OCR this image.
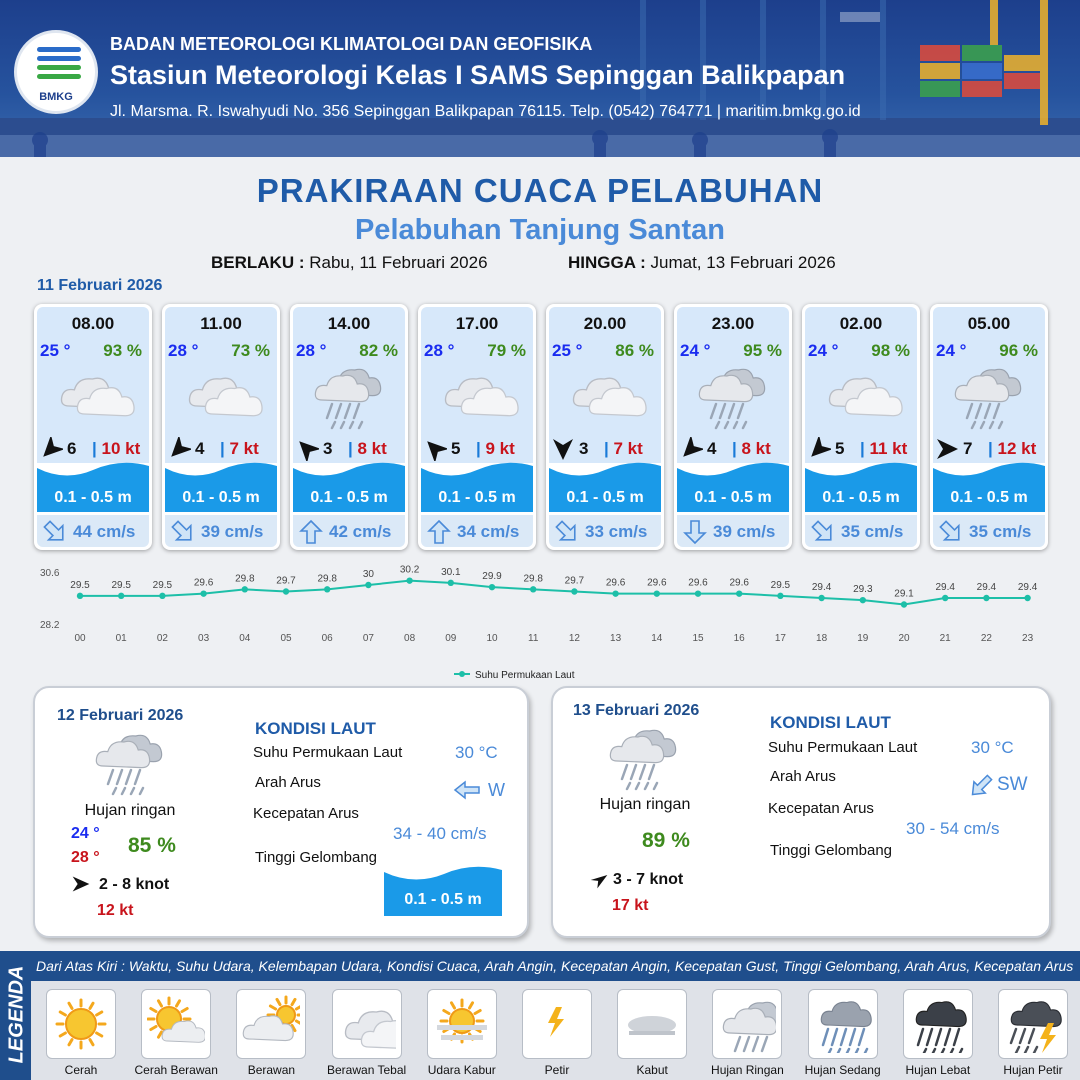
BMKG
BADAN METEOROLOGI KLIMATOLOGI DAN GEOFISIKA
Stasiun Meteorologi Kelas I SAMS Sepinggan Balikpapan
Jl. Marsma. R. Iswahyudi No. 356 Sepinggan Balikpapan 76115. Telp. (0542) 764771 | maritim.bmkg.go.id
PRAKIRAAN CUACA PELABUHAN
Pelabuhan Tanjung Santan
BERLAKU : Rabu, 11 Februari 2026	HINGGA : Jumat, 13 Februari 2026
11 Februari 2026
08.00
25 ° 93 %
6 | 10 kt
0.1 - 0.5 m
44 cm/s
11.00
28 ° 73 %
4 | 7 kt
0.1 - 0.5 m
39 cm/s
14.00
28 ° 82 %
3 | 8 kt
0.1 - 0.5 m
42 cm/s
17.00
28 ° 79 %
5 | 9 kt
0.1 - 0.5 m
34 cm/s
20.00
25 ° 86 %
3 | 7 kt
0.1 - 0.5 m
33 cm/s
23.00
24 ° 95 %
4 | 8 kt
0.1 - 0.5 m
39 cm/s
02.00
24 ° 98 %
5 | 11 kt
0.1 - 0.5 m
35 cm/s
05.00
24 ° 96 %
7 | 12 kt
0.1 - 0.5 m
35 cm/s
30.6
28.2
29.5
00
29.5
01
29.5
02
29.6
03
29.8
04
29.7
05
29.8
06
30
07
30.2
08
30.1
09
29.9
10
29.8
11
29.7
12
29.6
13
29.6
14
29.6
15
29.6
16
29.5
17
29.4
18
29.3
19
29.1
20
29.4
21
29.4
22
29.4
23
Suhu Permukaan Laut
12 Februari 2026
Hujan ringan
24 °
28 °
85 %
2 - 8 knot
12 kt
KONDISI LAUT
Suhu Permukaan Laut	30 °C
Arah Arus	W
Kecepatan Arus
34 - 40 cm/s
Tinggi Gelombang
0.1 - 0.5 m
13 Februari 2026
Hujan ringan
89 %
3 - 7 knot
17 kt
KONDISI LAUT
Suhu Permukaan Laut	30 °C
Arah Arus	SW
Kecepatan Arus
30 - 54 cm/s
Tinggi Gelombang
LEGENDA Dari Atas Kiri : Waktu, Suhu Udara, Kelembapan Udara, Kondisi Cuaca, Arah Angin, Kecepatan Angin, Kecepatan Gust, Tinggi Gelombang, Arah Arus, Kecepatan Arus
Cerah	Cerah Berawan	Berawan	Berawan Tebal	Udara Kabur	Petir	Kabut	Hujan Ringan	Hujan Sedang	Hujan Lebat	Hujan Petir
